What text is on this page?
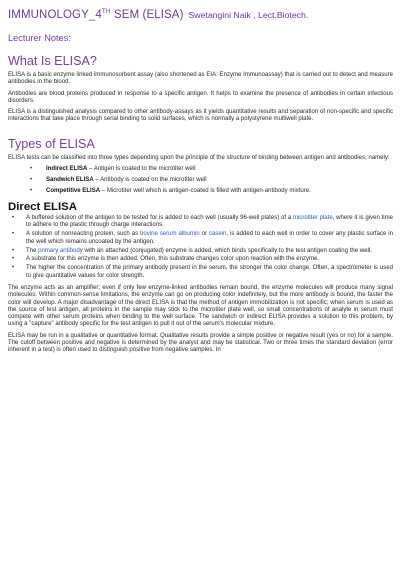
IMMUNOLOGY_4TH SEM (ELISA) Swetangini Naik , Lect.Biotech.
Lecturer Notes:
What Is ELISA?

ELISA is a basic enzyme linked immunosorbent assay (also shortened as EIA: Enzyme Immunoassay) that is carried out to detect and measure antibodies in the blood.

Antibodies are blood proteins produced in response to a specific antigen. It helps to examine the presence of antibodies in certain infectious disorders.

ELISA is a distinguished analysis compared to other antibody-assays as it yields quantitative results and separation of non-specific and specific interactions that take place through serial binding to solid surfaces, which is normally a polystyrene multiwell plate.

Types of ELISA

ELISA tests can be classified into three types depending upon the principle of the structure of binding between antigen and antibodies, namely:

• Indirect ELISA – Antigen is coated to the microtiter well
• Sandwich ELISA – Antibody is coated on the microtiter well
• Competitive ELISA – Microtiter well which is antigen-coated is filled with antigen-antibody mixture.
Direct ELISA
• A buffered solution of the antigen to be tested for is added to each well (usually 96-well plates) of a microtiter plate, where it is given time to adhere to the plastic through charge interactions.
• A solution of nonreacting protein, such as bovine serum albumin or casein, is added to each well in order to cover any plastic surface in the well which remains uncoated by the antigen.
• The primary antibody with an attached (conjugated) enzyme is added, which binds specifically to the test antigen coating the well.
• A substrate for this enzyme is then added. Often, this substrate changes color upon reaction with the enzyme.
• The higher the concentration of the primary antibody present in the serum, the stronger the color change. Often, a spectrometer is used to give quantitative values for color strength.

The enzyme acts as an amplifier; even if only few enzyme-linked antibodies remain bound, the enzyme molecules will produce many signal molecules. Within common-sense limitations, the enzyme can go on producing color indefinitely, but the more antibody is bound, the faster the color will develop. A major disadvantage of the direct ELISA is that the method of antigen immobilization is not specific; when serum is used as the source of test antigen, all proteins in the sample may stick to the microtiter plate well, so small concentrations of analyte in serum must compete with other serum proteins when binding to the well surface. The sandwich or indirect ELISA provides a solution to this problem, by using a "capture" antibody specific for the test antigen to pull it out of the serum's molecular mixture.

ELISA may be run in a qualitative or quantitative format. Qualitative results provide a simple positive or negative result (yes or no) for a sample. The cutoff between positive and negative is determined by the analyst and may be statistical. Two or three times the standard deviation (error inherent in a test) is often used to distinguish positive from negative samples. In
